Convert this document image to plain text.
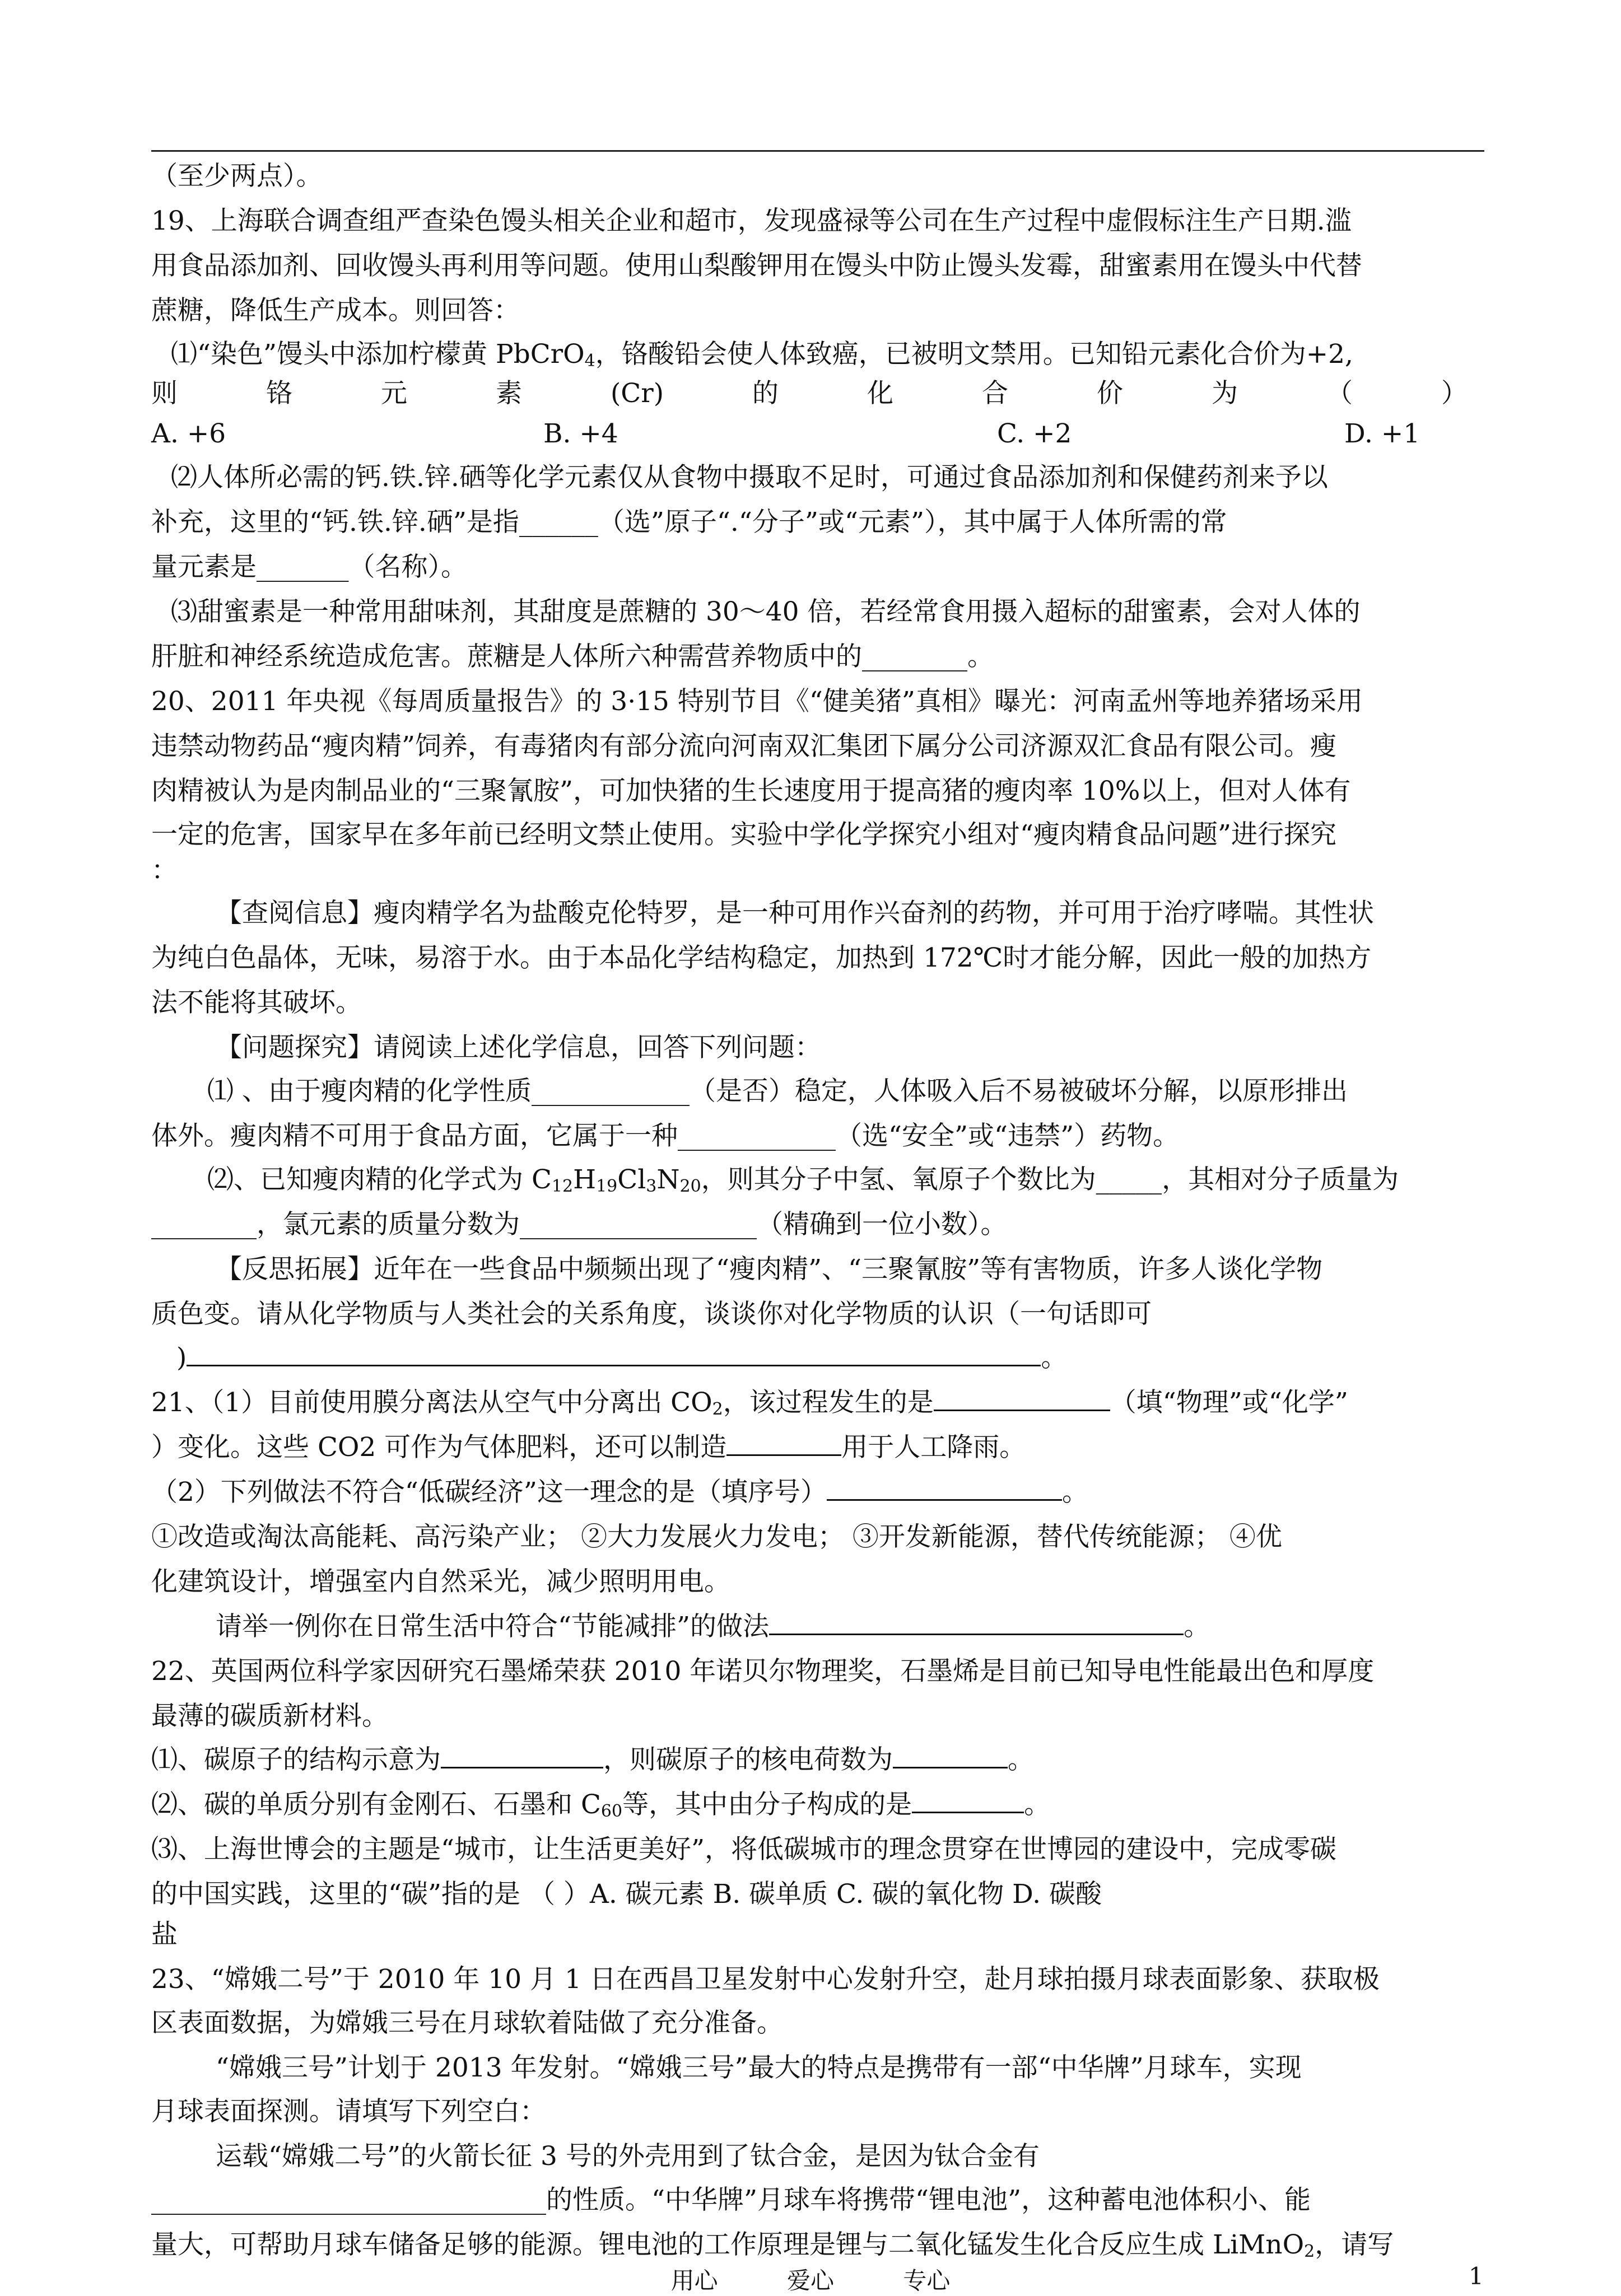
（至少两点）。
19、上海联合调查组严查染色馒头相关企业和超市，发现盛禄等公司在生产过程中虚假标注生产日期.滥
用食品添加剂、回收馒头再利用等问题。使用山梨酸钾用在馒头中防止馒头发霉，甜蜜素用在馒头中代替
蔗糖，降低生产成本。则回答：
⑴“染色”馒头中添加柠檬黄 PbCrO$_4$，铬酸铅会使人体致癌，已被明文禁用。已知铅元素化合价为+2,
则	铬	元	素	(Cr)	的	化	合	价	为	（	）
A. +6	B. +4	C. +2	D. +1
⑵人体所必需的钙.铁.锌.硒等化学元素仅从食物中摄取不足时，可通过食品添加剂和保健药剂来予以
补充，这里的“钙.铁.锌.硒”是指______（选”原子“.“分子”或“元素”），其中属于人体所需的常
量元素是_______（名称）。
⑶甜蜜素是一种常用甜味剂，其甜度是蔗糖的 30～40 倍，若经常食用摄入超标的甜蜜素，会对人体的
肝脏和神经系统造成危害。蔗糖是人体所六种需营养物质中的________。
20、2011 年央视《每周质量报告》的 3·15 特别节目《“健美猪”真相》曝光：河南孟州等地养猪场采用
违禁动物药品“瘦肉精”饲养，有毒猪肉有部分流向河南双汇集团下属分公司济源双汇食品有限公司。瘦
肉精被认为是肉制品业的“三聚氰胺”，可加快猪的生长速度用于提高猪的瘦肉率 10%以上，但对人体有
一定的危害，国家早在多年前已经明文禁止使用。实验中学化学探究小组对“瘦肉精食品问题”进行探究
：
【查阅信息】瘦肉精学名为盐酸克伦特罗，是一种可用作兴奋剂的药物，并可用于治疗哮喘。其性状
为纯白色晶体，无味，易溶于水。由于本品化学结构稳定，加热到 172℃时才能分解，因此一般的加热方
法不能将其破坏。
【问题探究】请阅读上述化学信息，回答下列问题：
⑴ 、由于瘦肉精的化学性质____________（是否）稳定，人体吸入后不易被破坏分解，以原形排出
体外。瘦肉精不可用于食品方面，它属于一种____________（选“安全”或“违禁”）药物。
⑵、已知瘦肉精的化学式为 $C_{12}H_{19}Cl_3N_{20}$，则其分子中氢、氧原子个数比为_____，其相对分子质量为
________，氯元素的质量分数为__________________（精确到一位小数）。
【反思拓展】近年在一些食品中频频出现了“瘦肉精”、“三聚氰胺”等有害物质，许多人谈化学物
质色变。请从化学物质与人类社会的关系角度，谈谈你对化学物质的认识（一句话即可
)	。
21、（1）目前使用膜分离法从空气中分离出 $CO_2$，该过程发生的是	（填“物理”或“化学”
）变化。这些 CO2 可作为气体肥料，还可以制造	用于人工降雨。
（2）下列做法不符合“低碳经济”这一理念的是（填序号）	。
①改造或淘汰高能耗、高污染产业； ②大力发展火力发电； ③开发新能源，替代传统能源； ④优
化建筑设计，增强室内自然采光，减少照明用电。
请举一例你在日常生活中符合“节能减排”的做法	。
22、英国两位科学家因研究石墨烯荣获 2010 年诺贝尔物理奖，石墨烯是目前已知导电性能最出色和厚度
最薄的碳质新材料。
⑴、碳原子的结构示意为	，则碳原子的核电荷数为	。
⑵、碳的单质分别有金刚石、石墨和 $C_{60}$等，其中由分子构成的是	。
⑶、上海世博会的主题是“城市，让生活更美好”，将低碳城市的理念贯穿在世博园的建设中，完成零碳
的中国实践，这里的“碳”指的是 （ ）A. 碳元素 B. 碳单质 C. 碳的氧化物 D. 碳酸
盐
23、“嫦娥二号”于 2010 年 10 月 1 日在西昌卫星发射中心发射升空，赴月球拍摄月球表面影象、获取极
区表面数据，为嫦娥三号在月球软着陆做了充分准备。
“嫦娥三号”计划于 2013 年发射。“嫦娥三号”最大的特点是携带有一部“中华牌”月球车，实现
月球表面探测。请填写下列空白：
运载“嫦娥二号”的火箭长征 3 号的外壳用到了钛合金，是因为钛合金有
______________________________的性质。“中华牌”月球车将携带“锂电池”，这种蓄电池体积小、能
量大，可帮助月球车储备足够的能源。锂电池的工作原理是锂与二氧化锰发生化合反应生成 LiMnO$_2$，请写
用心	爱心	专心	1
